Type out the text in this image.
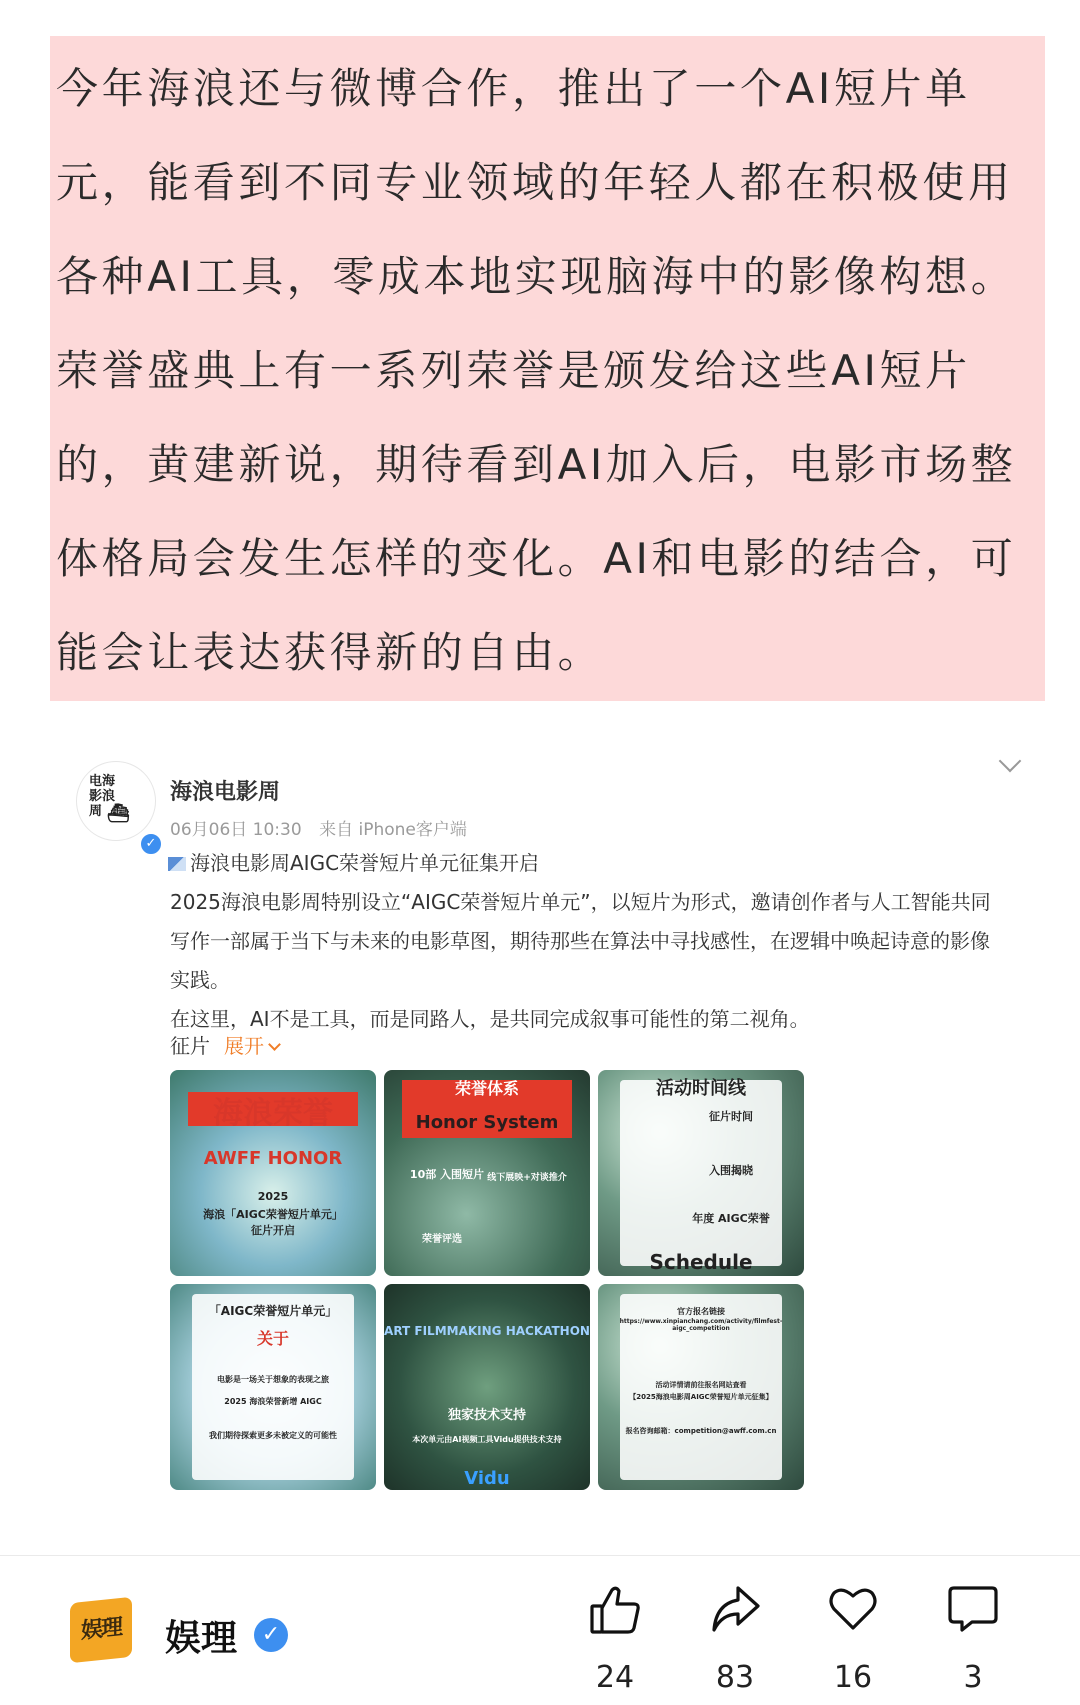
今年海浪还与微博合作，推出了一个AI短片单元，能看到不同专业领域的年轻人都在积极使用各种AI工具，零成本地实现脑海中的影像构想。荣誉盛典上有一系列荣誉是颁发给这些AI短片的，黄建新说，期待看到AI加入后，电影市场整体格局会发生怎样的变化。AI和电影的结合，可能会让表达获得新的自由。

电海
影浪
周 ⛴
✓
海浪电影周
06月06日 10:30 来自 iPhone客户端
海浪电影周AIGC荣誉短片单元征集开启
2025海浪电影周特别设立“AIGC荣誉短片单元”，以短片为形式，邀请创作者与人工智能共同写作一部属于当下与未来的电影草图，期待那些在算法中寻找感性，在逻辑中唤起诗意的影像实践。
在这里，AI不是工具，而是同路人，是共同完成叙事可能性的第二视角。
征片 展开
海浪荣誉
AWFF HONOR
2025
海浪「AIGC荣誉短片单元」
征片开启
荣誉体系
Honor System
10部 入围短片 线下展映+对谈推介
荣誉评选
活动时间线
征片时间
入围揭晓
年度 AIGC荣誉
Schedule
「AIGC荣誉短片单元」
关于
电影是一场关于想象的表现之旅
2025 海浪荣誉新增 AIGC
我们期待探索更多未被定义的可能性
ART FILMMAKING HACKATHON
独家技术支持
本次单元由AI视频工具Vidu提供技术支持
Vidu
官方报名链接
https://www.xinpianchang.com/activity/filmfest-aigc_competition
活动详情请前往报名网站查看
【2025海浪电影周AIGC荣誉短片单元征集】
报名咨询邮箱：competition@awff.com.cn
娱理	娱理	✓
24	83	16	3
